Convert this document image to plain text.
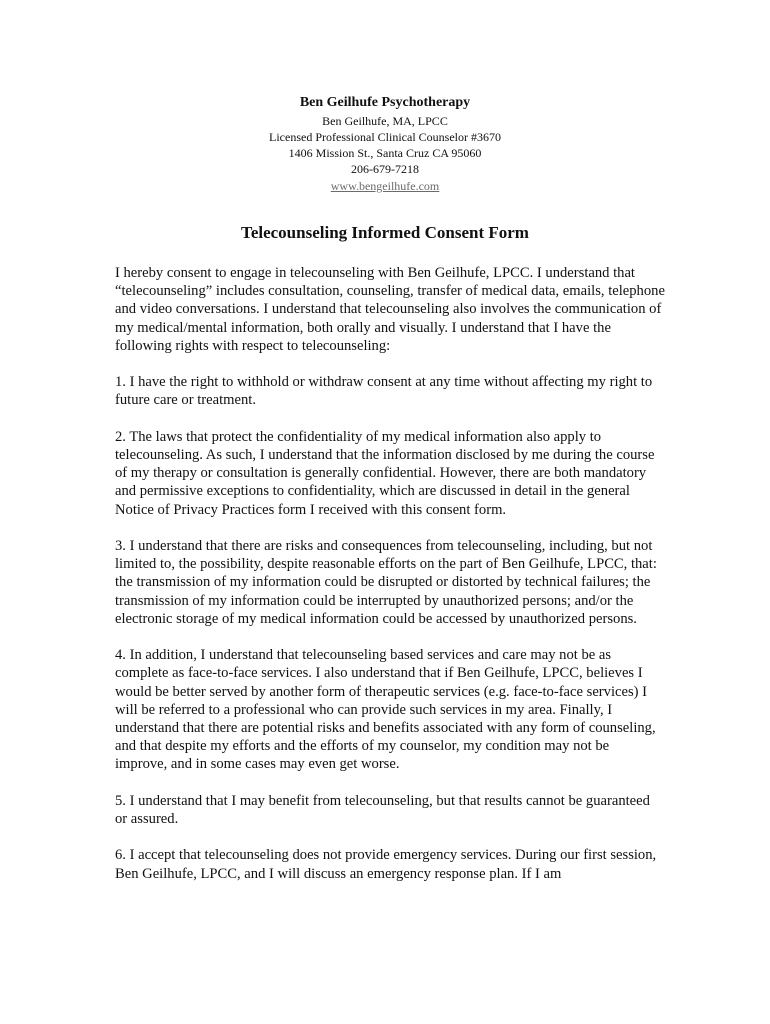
Ben Geilhufe Psychotherapy
Ben Geilhufe, MA, LPCC
Licensed Professional Clinical Counselor #3670
1406 Mission St., Santa Cruz CA 95060
206-679-7218
www.bengeilhufe.com
Telecounseling Informed Consent Form

I hereby consent to engage in telecounseling with Ben Geilhufe, LPCC. I understand that “telecounseling” includes consultation, counseling, transfer of medical data, emails, telephone and video conversations. I understand that telecounseling also involves the communication of my medical/mental information, both orally and visually. I understand that I have the following rights with respect to telecounseling:

1. I have the right to withhold or withdraw consent at any time without affecting my right to future care or treatment.

2. The laws that protect the confidentiality of my medical information also apply to telecounseling. As such, I understand that the information disclosed by me during the course of my therapy or consultation is generally confidential. However, there are both mandatory and permissive exceptions to confidentiality, which are discussed in detail in the general Notice of Privacy Practices form I received with this consent form.

3. I understand that there are risks and consequences from telecounseling, including, but not limited to, the possibility, despite reasonable efforts on the part of Ben Geilhufe, LPCC, that: the transmission of my information could be disrupted or distorted by technical failures; the transmission of my information could be interrupted by unauthorized persons; and/or the electronic storage of my medical information could be accessed by unauthorized persons.

4. In addition, I understand that telecounseling based services and care may not be as complete as face-to-face services. I also understand that if Ben Geilhufe, LPCC, believes I would be better served by another form of therapeutic services (e.g. face-to-face services) I will be referred to a professional who can provide such services in my area. Finally, I understand that there are potential risks and benefits associated with any form of counseling, and that despite my efforts and the efforts of my counselor, my condition may not be improve, and in some cases may even get worse.

5. I understand that I may benefit from telecounseling, but that results cannot be guaranteed or assured.

6. I accept that telecounseling does not provide emergency services. During our first session, Ben Geilhufe, LPCC, and I will discuss an emergency response plan. If I am
